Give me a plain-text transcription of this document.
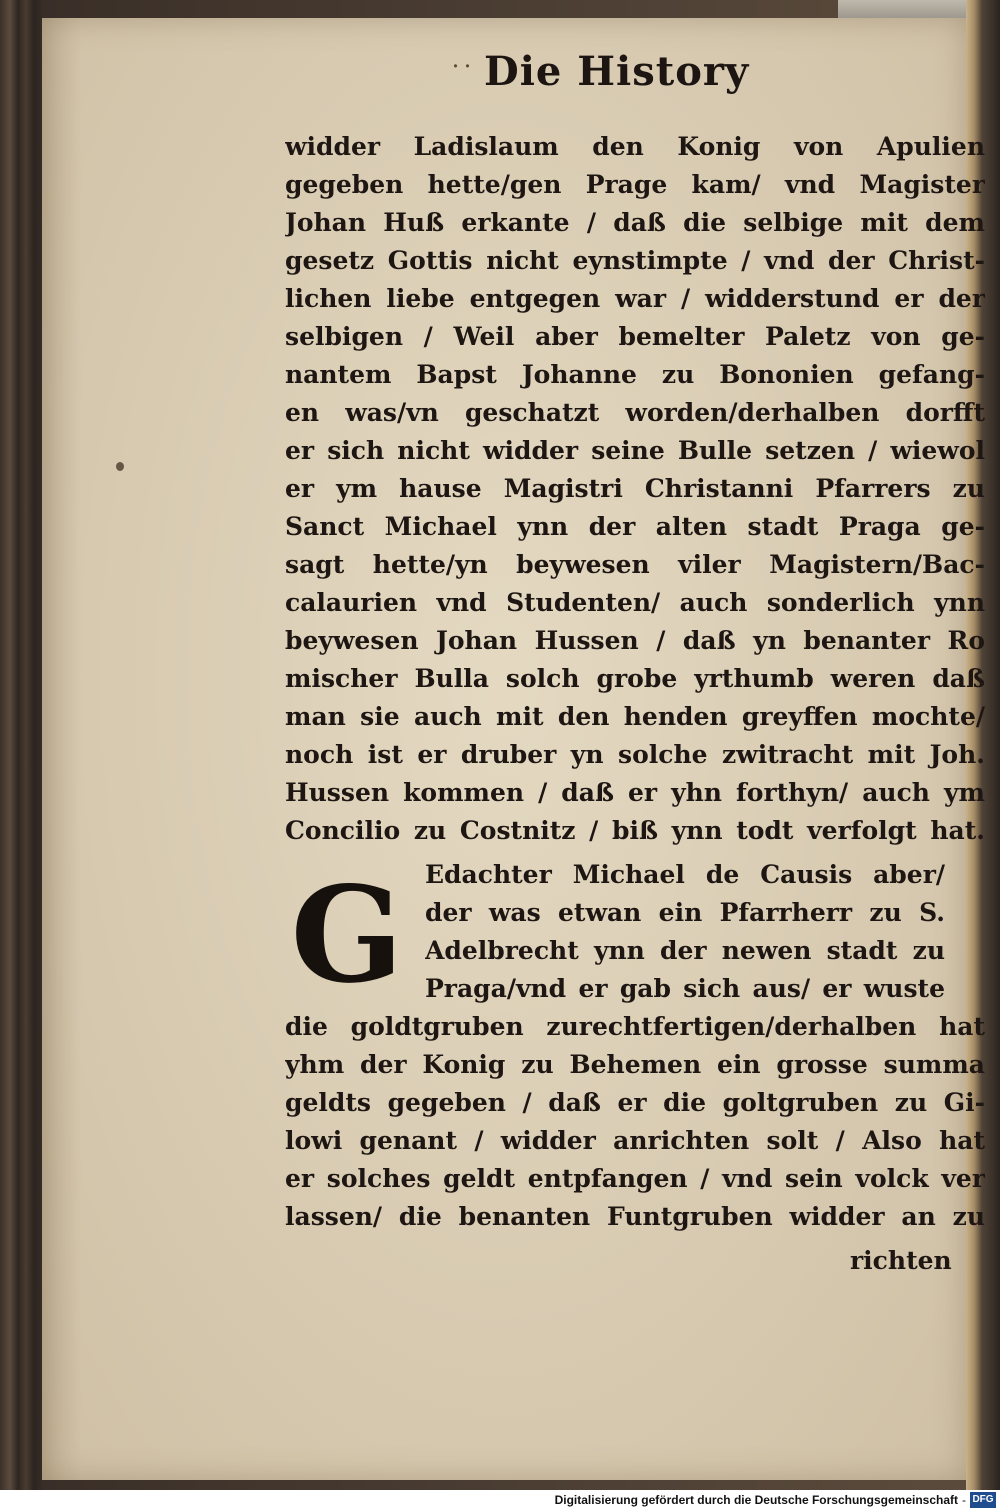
˙˙ Die History
G
widder Ladislaum den Konig von Apulien
gegeben hette/gen Prage kam/ vnd Magister
Johan Huß erkante / daß die selbige mit dem
gesetz Gottis nicht eynstimpte / vnd der Christ-
lichen liebe entgegen war / widderstund er der
selbigen / Weil aber bemelter Paletz von ge-
nantem Bapst Johanne zu Bononien gefang-
en was/vn geschatzt worden/derhalben dorfft
er sich nicht widder seine Bulle setzen / wiewol
er ym hause Magistri Christanni Pfarrers zu
Sanct Michael ynn der alten stadt Praga ge-
sagt hette/yn beywesen viler Magistern/Bac-
calaurien vnd Studenten/ auch sonderlich ynn
beywesen Johan Hussen / daß yn benanter Ro
mischer Bulla solch grobe yrthumb weren daß
man sie auch mit den henden greyffen mochte/
noch ist er druber yn solche zwitracht mit Joh.
Hussen kommen / daß er yhn forthyn/ auch ym
Concilio zu Costnitz / biß ynn todt verfolgt hat.
Edachter Michael de Causis aber/
der was etwan ein Pfarrherr zu S.
Adelbrecht ynn der newen stadt zu
Praga/vnd er gab sich aus/ er wuste
die goldtgruben zurechtfertigen/derhalben hat
yhm der Konig zu Behemen ein grosse summa
geldts gegeben / daß er die goltgruben zu Gi-
lowi genant / widder anrichten solt / Also hat
er solches geldt entpfangen / vnd sein volck ver
lassen/ die benanten Funtgruben widder an zu
richten
Digitalisierung gefördert durch die Deutsche Forschungsgemeinschaft - DFG
